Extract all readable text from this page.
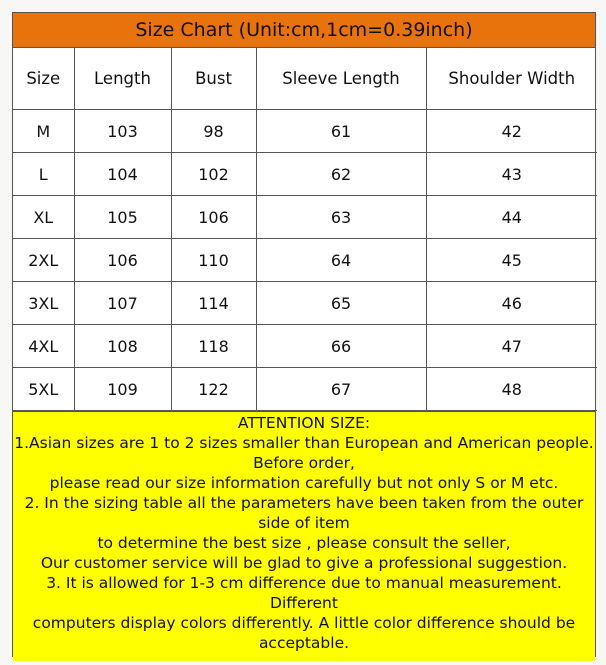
Size Chart (Unit:cm,1cm=0.39inch)
Size	Length	Bust	Sleeve Length	Shoulder Width
M	103	98	61	42
L	104	102	62	43
XL	105	106	63	44
2XL	106	110	64	45
3XL	107	114	65	46
4XL	108	118	66	47
5XL	109	122	67	48
ATTENTION SIZE:
1.Asian sizes are 1 to 2 sizes smaller than European and American people. Before order,
please read our size information carefully but not only S or M etc.
2. In the sizing table all the parameters have been taken from the outer side of item
to determine the best size , please consult the seller,
Our customer service will be glad to give a professional suggestion.
3. It is allowed for 1-3 cm difference due to manual measurement. Different
computers display colors differently. A little color difference should be acceptable.
